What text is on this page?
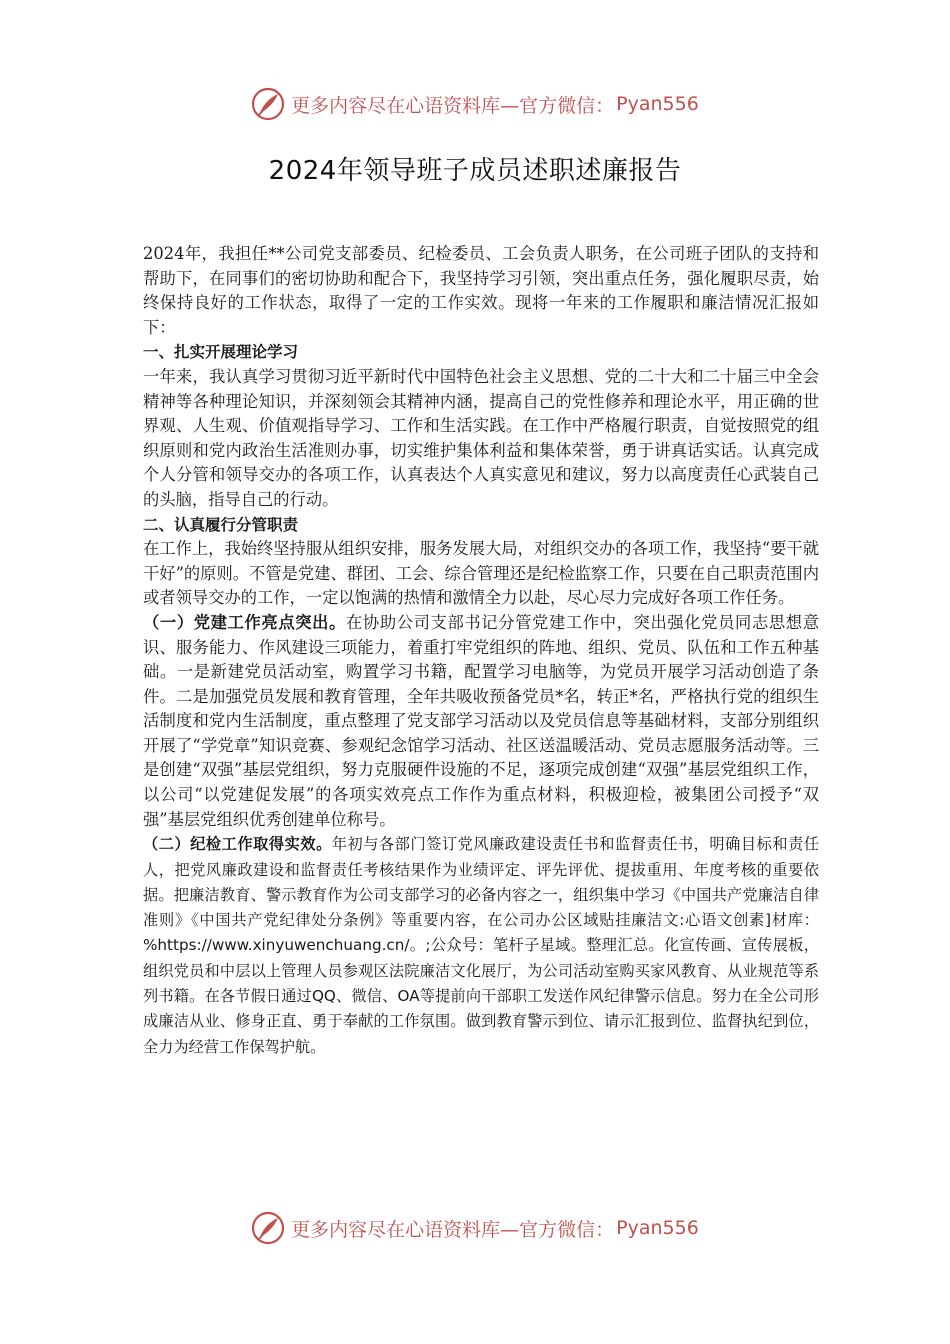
更多内容尽在心语资料库—官方微信： Pyan556
2024年领导班子成员述职述廉报告

2024年，我担任**公司党支部委员、纪检委员、工会负责人职务，在公司班子团队的支持和帮助下，在同事们的密切协助和配合下，我坚持学习引领，突出重点任务，强化履职尽责，始终保持良好的工作状态，取得了一定的工作实效。现将一年来的工作履职和廉洁情况汇报如下：

一、扎实开展理论学习

一年来，我认真学习贯彻习近平新时代中国特色社会主义思想、党的二十大和二十届三中全会精神等各种理论知识，并深刻领会其精神内涵，提高自己的党性修养和理论水平，用正确的世界观、人生观、价值观指导学习、工作和生活实践。在工作中严格履行职责，自觉按照党的组织原则和党内政治生活准则办事，切实维护集体利益和集体荣誉，勇于讲真话实话。认真完成个人分管和领导交办的各项工作，认真表达个人真实意见和建议，努力以高度责任心武装自己的头脑，指导自己的行动。

二、认真履行分管职责

在工作上，我始终坚持服从组织安排，服务发展大局，对组织交办的各项工作，我坚持“要干就干好”的原则。不管是党建、群团、工会、综合管理还是纪检监察工作，只要在自己职责范围内或者领导交办的工作，一定以饱满的热情和激情全力以赴，尽心尽力完成好各项工作任务。

（一）党建工作亮点突出。在协助公司支部书记分管党建工作中，突出强化党员同志思想意识、服务能力、作风建设三项能力，着重打牢党组织的阵地、组织、党员、队伍和工作五种基础。一是新建党员活动室，购置学习书籍，配置学习电脑等，为党员开展学习活动创造了条件。二是加强党员发展和教育管理，全年共吸收预备党员*名，转正*名，严格执行党的组织生活制度和党内生活制度，重点整理了党支部学习活动以及党员信息等基础材料，支部分别组织开展了“学党章”知识竞赛、参观纪念馆学习活动、社区送温暖活动、党员志愿服务活动等。三是创建“双强”基层党组织，努力克服硬件设施的不足，逐项完成创建“双强”基层党组织工作，以公司“以党建促发展”的各项实效亮点工作作为重点材料，积极迎检，被集团公司授予“双强”基层党组织优秀创建单位称号。

（二）纪检工作取得实效。年初与各部门签订党风廉政建设责任书和监督责任书，明确目标和责任人，把党风廉政建设和监督责任考核结果作为业绩评定、评先评优、提拔重用、年度考核的重要依据。把廉洁教育、警示教育作为公司支部学习的必备内容之一，组织集中学习《中国共产党廉洁自律准则》《中国共产党纪律处分条例》等重要内容，在公司办公区域贴挂廉洁文:心语文创素]材库：%https://www.xinyuwenchuang.cn/。;公众号：笔杆子星域。整理汇总。化宣传画、宣传展板，组织党员和中层以上管理人员参观区法院廉洁文化展厅，为公司活动室购买家风教育、从业规范等系列书籍。在各节假日通过QQ、微信、OA等提前向干部职工发送作风纪律警示信息。努力在全公司形成廉洁从业、修身正直、勇于奉献的工作氛围。做到教育警示到位、请示汇报到位、监督执纪到位，全力为经营工作保驾护航。

更多内容尽在心语资料库—官方微信： Pyan556
